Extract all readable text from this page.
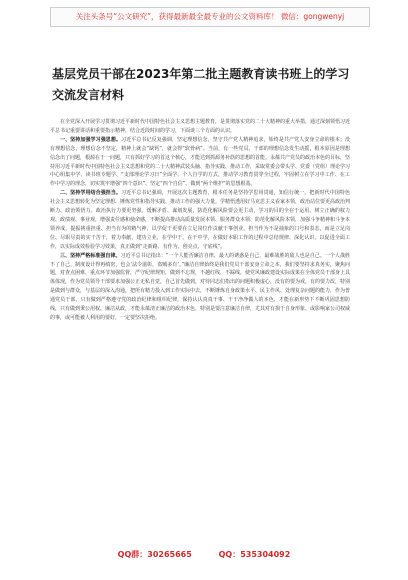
关注头条号“公文研究”，获得最新最全最专业的公文资料库！ 微信：gongwenyj
基层党员干部在2023年第二批主题教育读书班上的学习交流发言材料

在全党深入开展学习贯彻习近平新时代中国特色社会主义思想主题教育，是贯彻落实党的二十大精神的重大举措，通过深刻领悟习近平总书记重要讲话和重要指示精神，结合近段时间的学习，下面谈三个方面的认识。

一、坚持加强学习强思想。习近平总书记反复强调，坚定理想信念，坚守共产党人精神追求，始终是共产党人安身立命的根本；没有理想信念，理想信念不坚定，精神上就会“缺钙”，就会得“软骨病”。当前，有一些党员、干部的理想信念发生动摇，根本原因是理想信念出了问题，根源在于一问题，只有抓好学习的首这个核心，才能达到抓源务补筋的思想的首能。永葆共产党员的政治本色的目标，坚持用习近平新时代中国特色社会主义思想和党的二十大精神武装头脑、指导实践、推动工作，采取常委会带头学、党委（党组）理论学习中心组集中学、读书班专题学、“支部理论学习日”全面学、个人自学的方式，推动学习教育贯穿全过程，牢固树立在学习中工作、在工作中学习的理念，切实筑牢增强“四个意识”、坚定“四个自信”、做到“两个维护”的思想根基。

二、坚持学用结合强担当。习近平总书记强调，开展这次主题教育，根本任务是坚持学思用贯通，知信行统一，把新时代中国特色社会主义思想转化为坚定理想、锤炼党性和指导实践、推动工作的强大力量。学精悟透用好马克思主义看家本领，政治站位要更高政治判断力、政治领悟力、政治执行力要更坚强。缓解矛盾、谋划发展，防范化解风险要会更主动，学习的目的全在于运用。树立正确的权力观、政绩观、事业观，增强责任感和使命感，不断提高推动高质量发展本领、服务群众本领、防范化解风险本领，加强斗争精神和斗争本领养成，提振挑重担重、担当有为的精气神，以学促干更要在立足岗位作贡献干事创业，担当作为不是抽象的口号和表态，而是立足岗位、尽职尽责的实干苦干，着力奉献，建功立业，在学中干、在干中学，在做好本职工作的过程中总结规律、深化认识，以促进全面工作，以实际成效检验学习效果，真正做到“走新路、有作为、创亮点、守底线”。

三、坚持严格标准强自律。习近平总书记指出：“一个人能否廉洁自律，最大的诱惑是自己，最难战胜的敌人也是自己。一个人战胜不了自己，制度设计得再缜密，也会‘法令滋彰，盗贼多有’。”廉洁自律始终是我们党员干部安身立命之本，我们要坚持求真务实，聚焦问题，对查点困难，重点环节加强监督，严守纪律规矩，做到不忘规，不越红线，不踩线，使党风廉政建设实际成果在全体党员干部身上具体体现，作为党员领导干部要求加强公正无私自觉，自己首先做到，对待同志们指出的问题积极虚心，没有的要为戒，有的要力改，特别是做到与群众，与基层的深入沟通，把所有精力投入到工作实际中去，不断锤炼自身政策水平、民主作风、处理复杂问题的能力，作为普通党员干部，只有做到严格遵守党的政治纪律和组织纪律，保持认认真真干事、干干净净做人的本色，才能在新形势下不断巩固思想防线，只有做到秉公用权、廉洁从政，才能永葆清正廉洁的政治本色，特别是要注意廉洁自律，尤其对有损于自身形象、或影响家公司权威的事，或可能被人利用的要好，一定要坚决拒绝。

QQ群：30265665	QQ：535304092
